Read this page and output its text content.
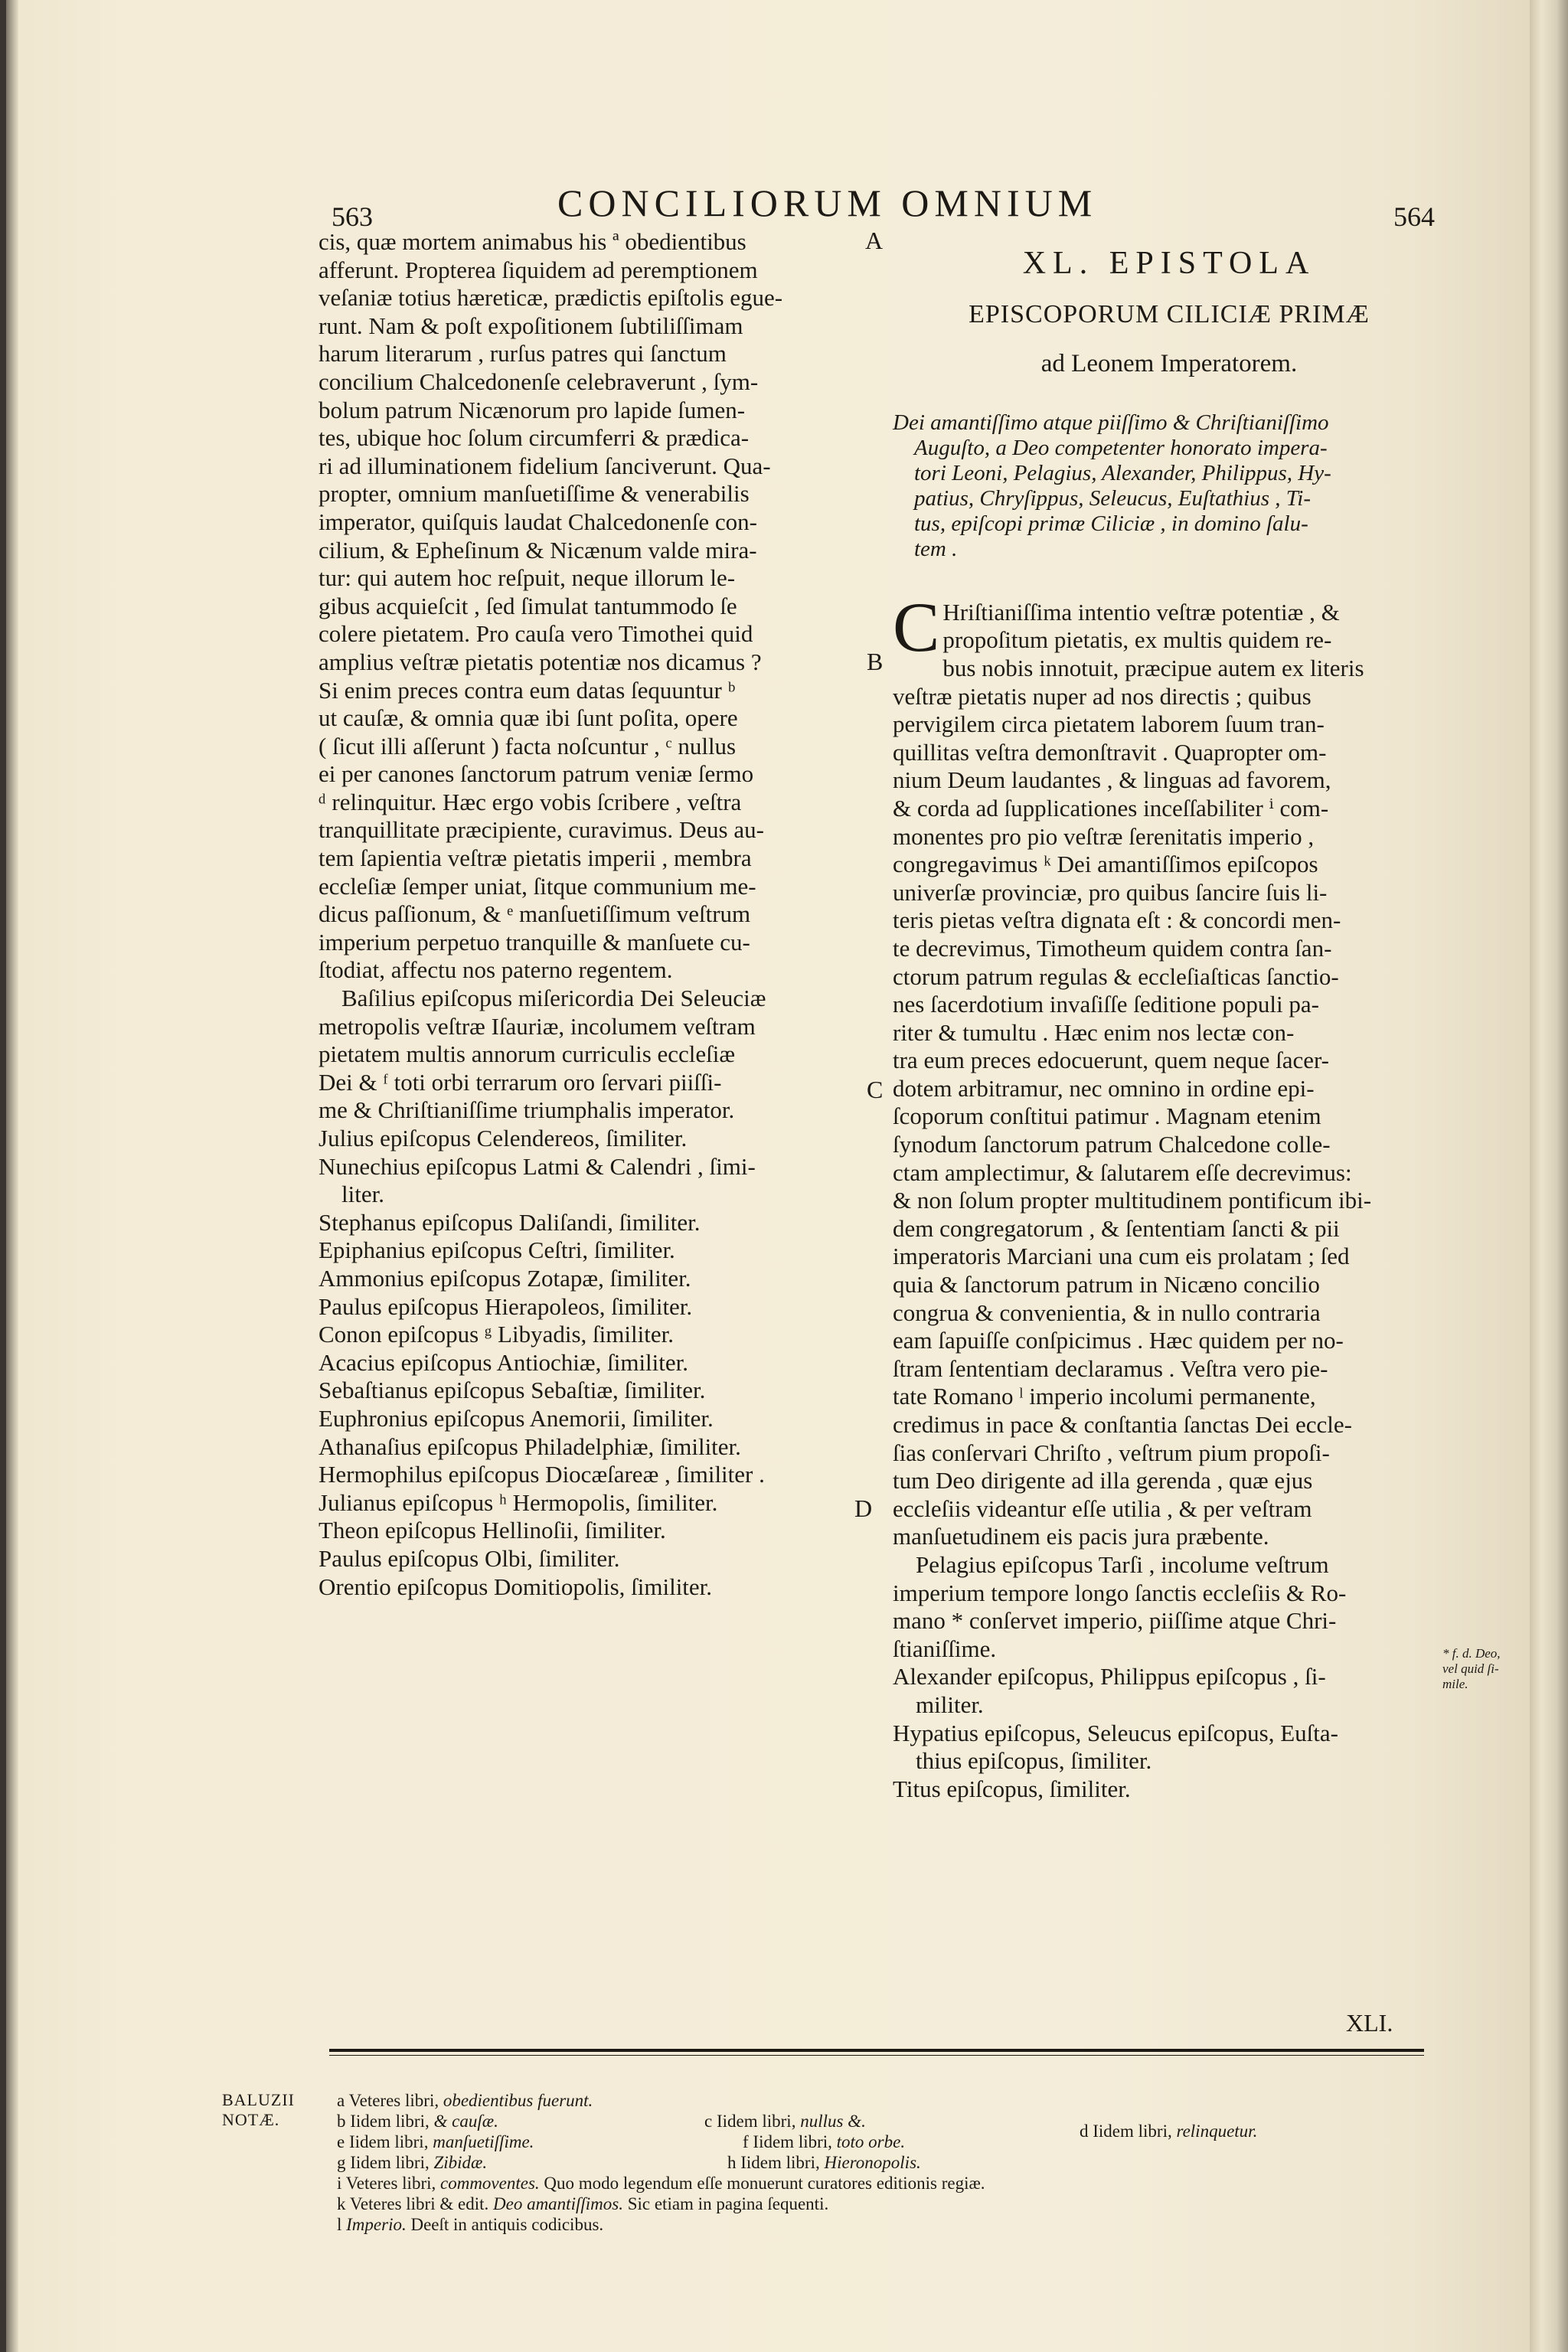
563	CONCILIORUM OMNIUM	564
cis, quæ mortem animabus his ª obedientibus
afferunt. Propterea ſiquidem ad peremptionem
veſaniæ totius hæreticæ, prædictis epiſtolis egue-
runt. Nam & poſt expoſitionem ſubtiliſſimam
harum literarum , rurſus patres qui ſanctum
concilium Chalcedonenſe celebraverunt , ſym-
bolum patrum Nicænorum pro lapide ſumen-
tes, ubique hoc ſolum circumferri & prædica-
ri ad illuminationem fidelium ſanciverunt. Qua-
propter, omnium manſuetiſſime & venerabilis
imperator, quiſquis laudat Chalcedonenſe con-
cilium, & Epheſinum & Nicænum valde mira-
tur: qui autem hoc reſpuit, neque illorum le-
gibus acquieſcit , ſed ſimulat tantummodo ſe
colere pietatem. Pro cauſa vero Timothei quid
amplius veſtræ pietatis potentiæ nos dicamus ?
Si enim preces contra eum datas ſequuntur ᵇ
ut cauſæ, & omnia quæ ibi ſunt poſita, opere
( ſicut illi aſſerunt ) facta noſcuntur , ᶜ nullus
ei per canones ſanctorum patrum veniæ ſermo
ᵈ relinquitur. Hæc ergo vobis ſcribere , veſtra
tranquillitate præcipiente, curavimus. Deus au-
tem ſapientia veſtræ pietatis imperii , membra
eccleſiæ ſemper uniat, ſitque communium me-
dicus paſſionum, & ᵉ manſuetiſſimum veſtrum
imperium perpetuo tranquille & manſuete cu-
ſtodiat, affectu nos paterno regentem.
Baſilius epiſcopus miſericordia Dei Seleuciæ
metropolis veſtræ Iſauriæ, incolumem veſtram
pietatem multis annorum curriculis eccleſiæ
Dei & ᶠ toti orbi terrarum oro ſervari piiſſi-
me & Chriſtianiſſime triumphalis imperator.
Julius epiſcopus Celendereos, ſimiliter.
Nunechius epiſcopus Latmi & Calendri , ſimi-
liter.
Stephanus epiſcopus Daliſandi, ſimiliter.
Epiphanius epiſcopus Ceſtri, ſimiliter.
Ammonius epiſcopus Zotapæ, ſimiliter.
Paulus epiſcopus Hierapoleos, ſimiliter.
Conon epiſcopus ᵍ Libyadis, ſimiliter.
Acacius epiſcopus Antiochiæ, ſimiliter.
Sebaſtianus epiſcopus Sebaſtiæ, ſimiliter.
Euphronius epiſcopus Anemorii, ſimiliter.
Athanaſius epiſcopus Philadelphiæ, ſimiliter.
Hermophilus epiſcopus Diocæſareæ , ſimiliter .
Julianus epiſcopus ʰ Hermopolis, ſimiliter.
Theon epiſcopus Hellinoſii, ſimiliter.
Paulus epiſcopus Olbi, ſimiliter.
Orentio epiſcopus Domitiopolis, ſimiliter.
A
B
C
D
XL. EPISTOLA
EPISCOPORUM CILICIÆ PRIMÆ
ad Leonem Imperatorem.
Dei amantiſſimo atque piiſſimo & Chriſtianiſſimo
Auguſto, a Deo competenter honorato impera-
tori Leoni, Pelagius, Alexander, Philippus, Hy-
patius, Chryſippus, Seleucus, Euſtathius , Ti-
tus, epiſcopi primæ Ciliciæ , in domino ſalu-
tem .
C Hriſtianiſſima intentio veſtræ potentiæ , &
propoſitum pietatis, ex multis quidem re-
bus nobis innotuit, præcipue autem ex literis
veſtræ pietatis nuper ad nos directis ; quibus
pervigilem circa pietatem laborem ſuum tran-
quillitas veſtra demonſtravit . Quapropter om-
nium Deum laudantes , & linguas ad favorem,
& corda ad ſupplicationes inceſſabiliter ⁱ com-
monentes pro pio veſtræ ſerenitatis imperio ,
congregavimus ᵏ Dei amantiſſimos epiſcopos
univerſæ provinciæ, pro quibus ſancire ſuis li-
teris pietas veſtra dignata eſt : & concordi men-
te decrevimus, Timotheum quidem contra ſan-
ctorum patrum regulas & eccleſiaſticas ſanctio-
nes ſacerdotium invaſiſſe ſeditione populi pa-
riter & tumultu . Hæc enim nos lectæ con-
tra eum preces edocuerunt, quem neque ſacer-
dotem arbitramur, nec omnino in ordine epi-
ſcoporum conſtitui patimur . Magnam etenim
ſynodum ſanctorum patrum Chalcedone colle-
ctam amplectimur, & ſalutarem eſſe decrevimus:
& non ſolum propter multitudinem pontificum ibi-
dem congregatorum , & ſententiam ſancti & pii
imperatoris Marciani una cum eis prolatam ; ſed
quia & ſanctorum patrum in Nicæno concilio
congrua & convenientia, & in nullo contraria
eam ſapuiſſe conſpicimus . Hæc quidem per no-
ſtram ſententiam declaramus . Veſtra vero pie-
tate Romano ˡ imperio incolumi permanente,
credimus in pace & conſtantia ſanctas Dei eccle-
ſias conſervari Chriſto , veſtrum pium propoſi-
tum Deo dirigente ad illa gerenda , quæ ejus
eccleſiis videantur eſſe utilia , & per veſtram
manſuetudinem eis pacis jura præbente.
Pelagius epiſcopus Tarſi , incolume veſtrum
imperium tempore longo ſanctis eccleſiis & Ro-
mano * conſervet imperio, piiſſime atque Chri-
ſtianiſſime.
Alexander epiſcopus, Philippus epiſcopus , ſi-
militer.
Hypatius epiſcopus, Seleucus epiſcopus, Euſta-
thius epiſcopus, ſimiliter.
Titus epiſcopus, ſimiliter.
* f. d. Deo,
vel quid ſi-
mile.
XLI.
BALUZII
NOTÆ.
a Veteres libri, obedientibus fuerunt.
b Iidem libri, & cauſæ.	c Iidem libri, nullus &.
d Iidem libri, relinquetur.
e Iidem libri, manſuetiſſime.	f Iidem libri, toto orbe.
g Iidem libri, Zibidæ.	h Iidem libri, Hieronopolis.
i Veteres libri, commoventes. Quo modo legendum eſſe monuerunt curatores editionis regiæ.
k Veteres libri & edit. Deo amantiſſimos. Sic etiam in pagina ſequenti.
l Imperio. Deeſt in antiquis codicibus.
